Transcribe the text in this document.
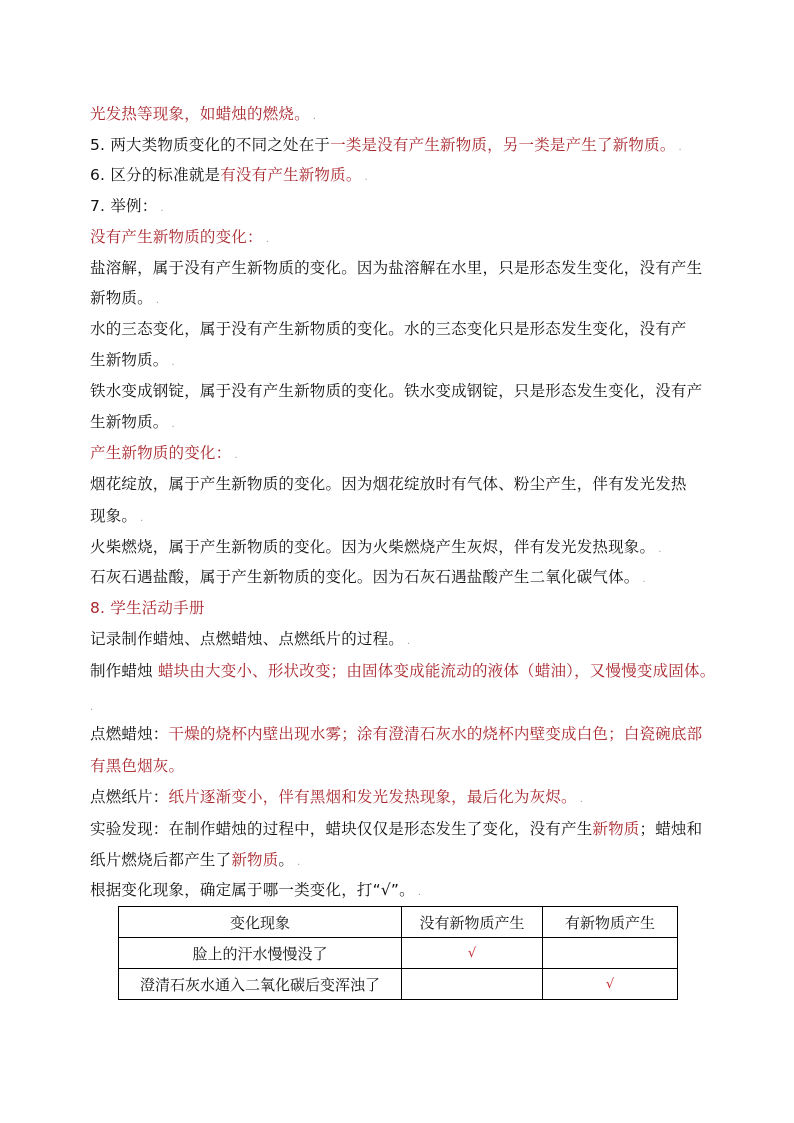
光发热等现象，如蜡烛的燃烧。 .
5. 两大类物质变化的不同之处在于一类是没有产生新物质，另一类是产生了新物质。 .
6. 区分的标准就是有没有产生新物质。 .
7. 举例： .
没有产生新物质的变化： .
盐溶解，属于没有产生新物质的变化。因为盐溶解在水里，只是形态发生变化，没有产生
新物质。 .
水的三态变化，属于没有产生新物质的变化。水的三态变化只是形态发生变化，没有产
生新物质。 .
铁水变成钢锭，属于没有产生新物质的变化。铁水变成钢锭，只是形态发生变化，没有产
生新物质。 .
产生新物质的变化： .
烟花绽放，属于产生新物质的变化。因为烟花绽放时有气体、粉尘产生，伴有发光发热
现象。 .
火柴燃烧，属于产生新物质的变化。因为火柴燃烧产生灰烬，伴有发光发热现象。 .
石灰石遇盐酸，属于产生新物质的变化。因为石灰石遇盐酸产生二氧化碳气体。 .
8. 学生活动手册
记录制作蜡烛、点燃蜡烛、点燃纸片的过程。 .
制作蜡烛 蜡块由大变小、形状改变；由固体变成能流动的液体（蜡油），又慢慢变成固体。
.
点燃蜡烛：干燥的烧杯内壁出现水雾；涂有澄清石灰水的烧杯内壁变成白色；白瓷碗底部
有黑色烟灰。
点燃纸片：纸片逐渐变小，伴有黑烟和发光发热现象，最后化为灰烬。 .
实验发现：在制作蜡烛的过程中，蜡块仅仅是形态发生了变化，没有产生新物质；蜡烛和
纸片燃烧后都产生了新物质。 .
根据变化现象，确定属于哪一类变化，打“√”。 .
变化现象	没有新物质产生	有新物质产生
脸上的汗水慢慢没了	√	
澄清石灰水通入二氧化碳后变浑浊了		√
